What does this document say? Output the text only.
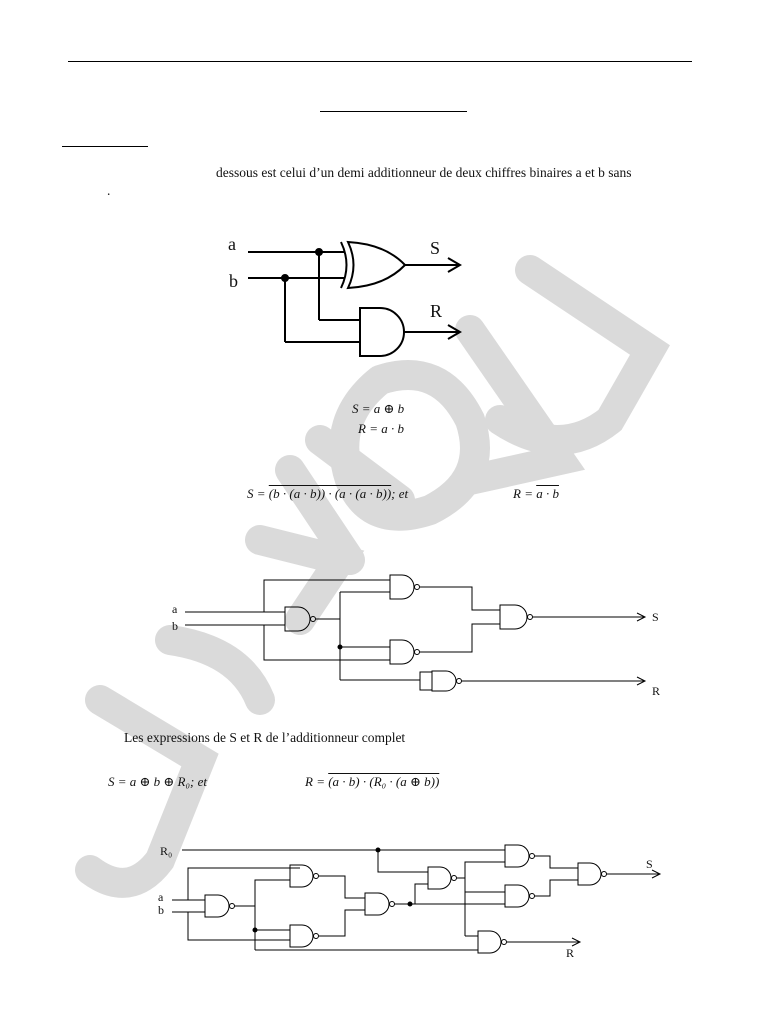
dessous est celui d’un demi additionneur de deux chiffres binaires a et b sans
.
a
b
S
R
S = a ⊕ b
R = a · b
S = (b · (a · b)) · (a · (a · b)); et	R = a · b
a
b
S
R
Les expressions de S et R de l’additionneur complet
S = a ⊕ b ⊕ R₀; et	R = (a · b) · (R₀ · (a ⊕ b))
R₀
a
b
S
R
